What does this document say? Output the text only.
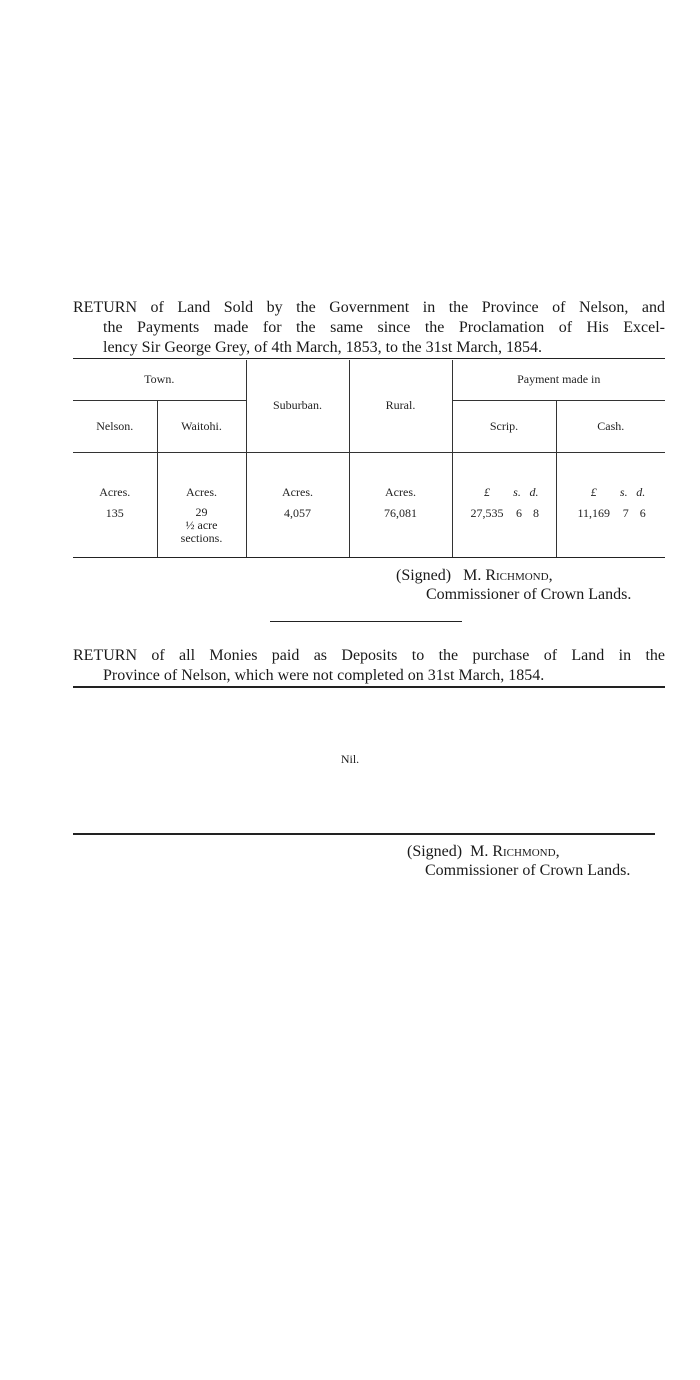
RETURN of Land Sold by the Government in the Province of Nelson, and

the Payments made for the same since the Proclamation of His Excel-

lency Sir George Grey, of 4th March, 1853, to the 31st March, 1854.

Town.		Suburban.	Rural.	Payment made in	
Nelson.	Waitohi.			Scrip.	Cash.
Acres.	Acres.	Acres.	Acres.	£ s. d.	£ s. d.
135	29
½ acre
sections.	4,057	76,081	27,535 6 8	11,169 7 6
(Signed) M. Richmond,
Commissioner of Crown Lands.

RETURN of all Monies paid as Deposits to the purchase of Land in the

Province of Nelson, which were not completed on 31st March, 1854.

Nil.
(Signed) M. Richmond,
Commissioner of Crown Lands.
